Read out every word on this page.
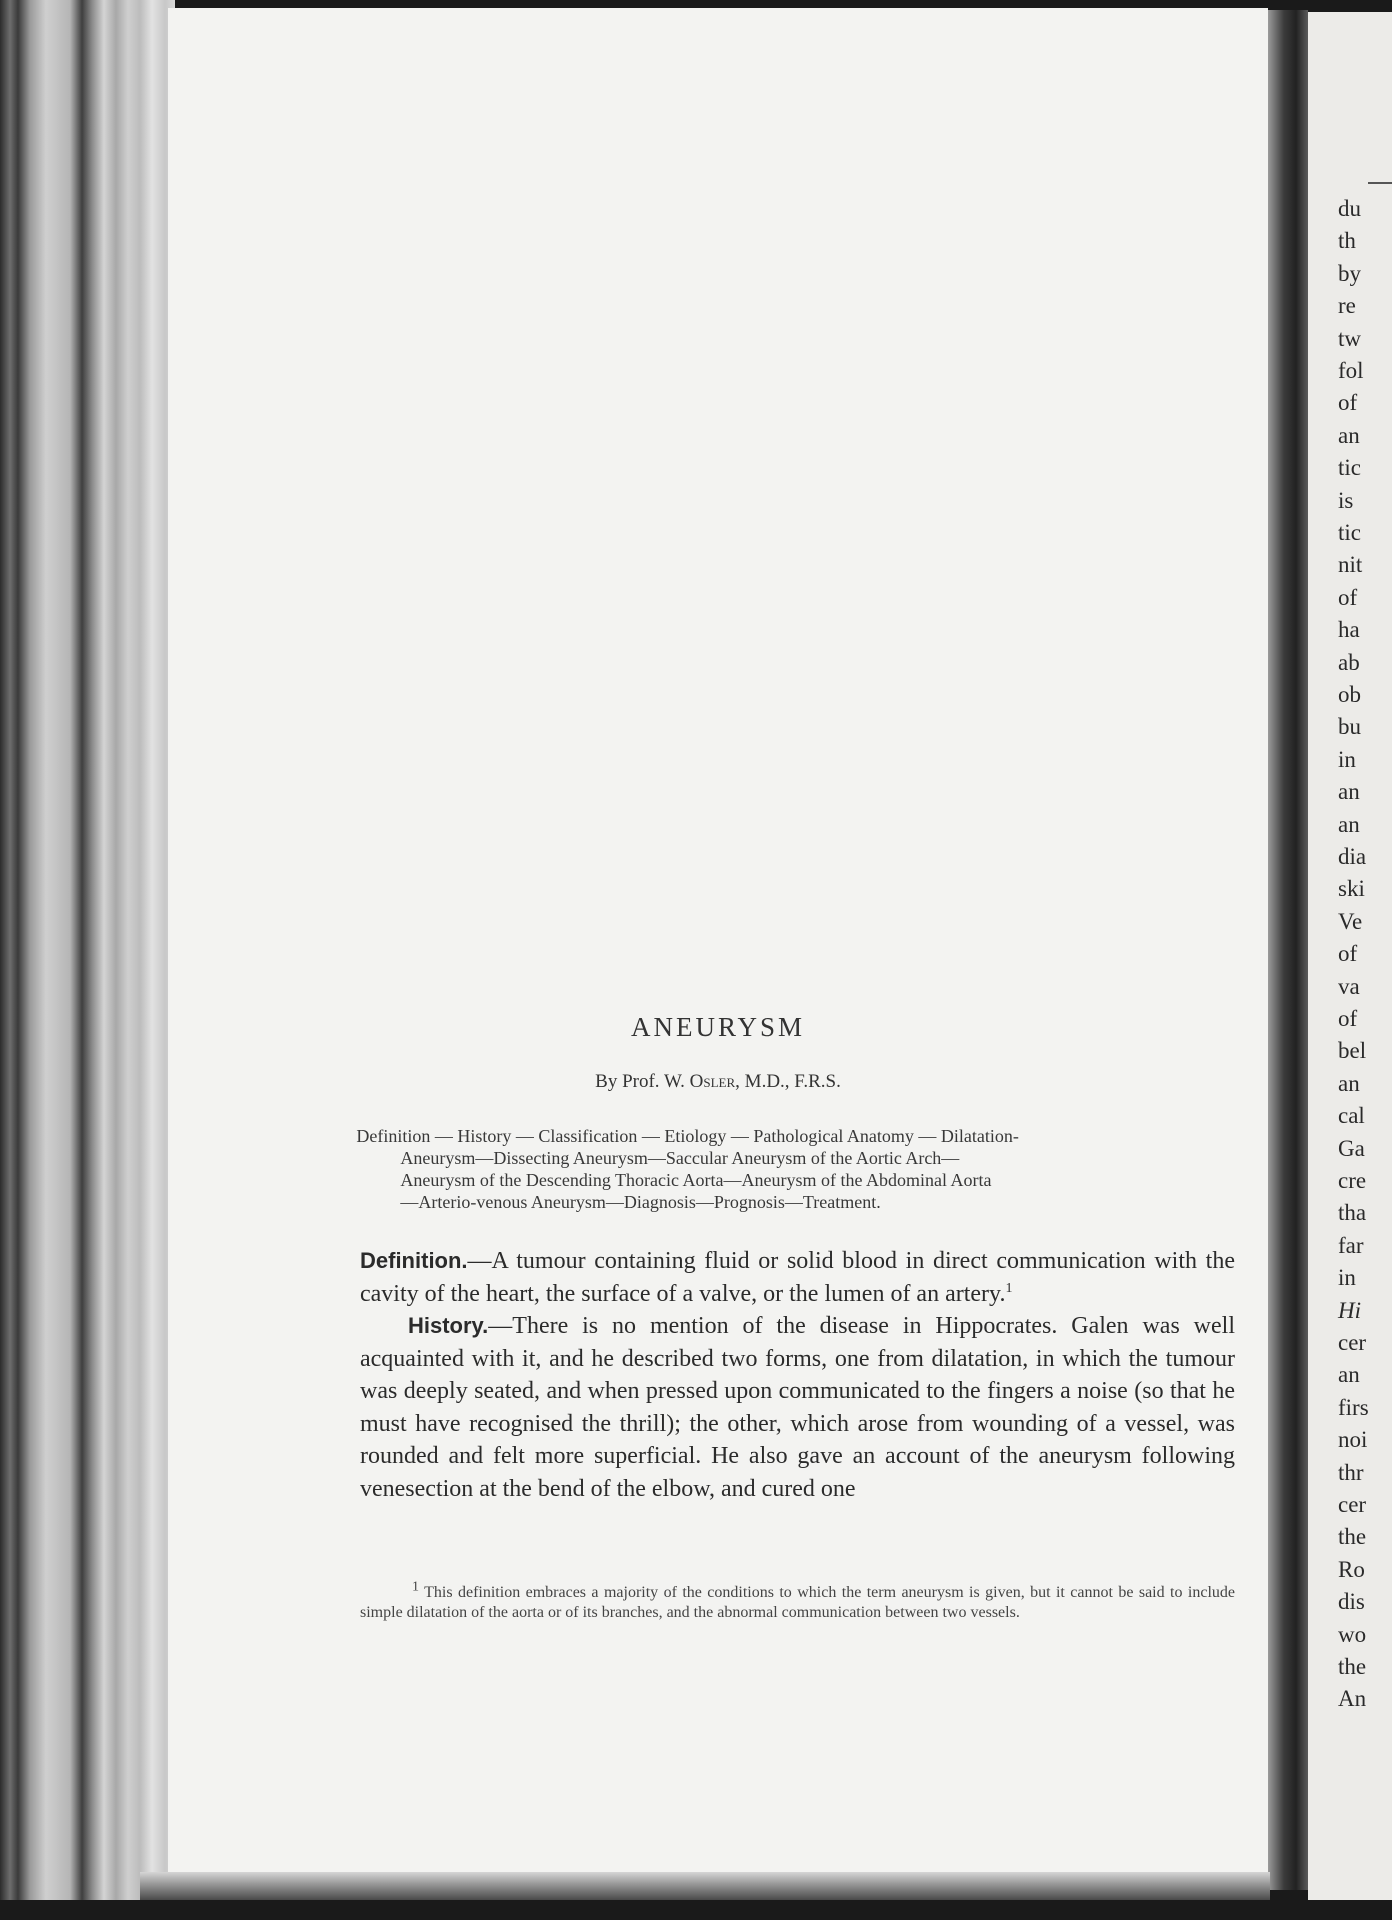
du
th
by
re
tw
fol
of
an
tic
is
tic
nit
of
ha
ab
ob
bu
in
an
an
dia
ski
Ve
of
va
of
bel
an
cal
Ga
cre
tha
far
in
Hi
cer
an
firs
noi
thr
cer
the
Ro
dis
wo
the
An
ANEURYSM
By Prof. W. Osler, M.D., F.R.S.
Definition — History — Classification — Etiology — Pathological Anatomy — Dilatation-
Aneurysm—Dissecting Aneurysm—Saccular Aneurysm of the Aortic Arch—
Aneurysm of the Descending Thoracic Aorta—Aneurysm of the Abdominal Aorta
—Arterio-venous Aneurysm—Diagnosis—Prognosis—Treatment.

Definition.—A tumour containing fluid or solid blood in direct communication with the cavity of the heart, the surface of a valve, or the lumen of an artery.$^1$

History.—There is no mention of the disease in Hippocrates. Galen was well acquainted with it, and he described two forms, one from dilatation, in which the tumour was deeply seated, and when pressed upon communicated to the fingers a noise (so that he must have recognised the thrill); the other, which arose from wounding of a vessel, was rounded and felt more superficial. He also gave an account of the aneurysm following venesection at the bend of the elbow, and cured one

$^1$ This definition embraces a majority of the conditions to which the term aneurysm is given, but it cannot be said to include simple dilatation of the aorta or of its branches, and the abnormal communication between two vessels.
